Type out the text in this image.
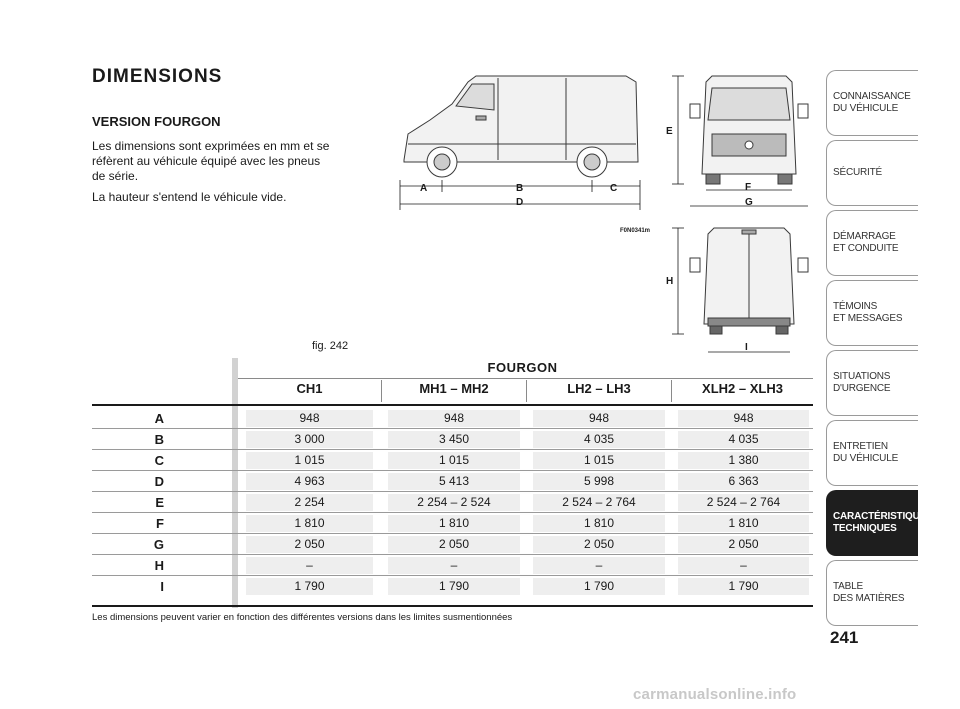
DIMENSIONS
VERSION FOURGON
Les dimensions sont exprimées en mm et se réfèrent au véhicule équipé avec les pneus de série.
La hauteur s'entend le véhicule vide.
A	B	C
D
E
F
G
H
I
F0N0341m
fig. 242
FOURGON
CH1	MH1 – MH2	LH2 – LH3	XLH2 – XLH3
A	948	948	948	948
B	3 000	3 450	4 035	4 035
C	1 015	1 015	1 015	1 380
D	4 963	5 413	5 998	6 363
E	2 254	2 254 – 2 524	2 524 – 2 764	2 524 – 2 764
F	1 810	1 810	1 810	1 810
G	2 050	2 050	2 050	2 050
H	–	–	–	–
I	1 790	1 790	1 790	1 790
Les dimensions peuvent varier en fonction des différentes versions dans les limites susmentionnées
CONNAISSANCE
DU VÉHICULE
SÉCURITÉ
DÉMARRAGE
ET CONDUITE
TÉMOINS
ET MESSAGES
SITUATIONS
D'URGENCE
ENTRETIEN
DU VÉHICULE
CARACTÉRISTIQUES
TECHNIQUES
TABLE
DES MATIÈRES
241
carmanualsonline.info
